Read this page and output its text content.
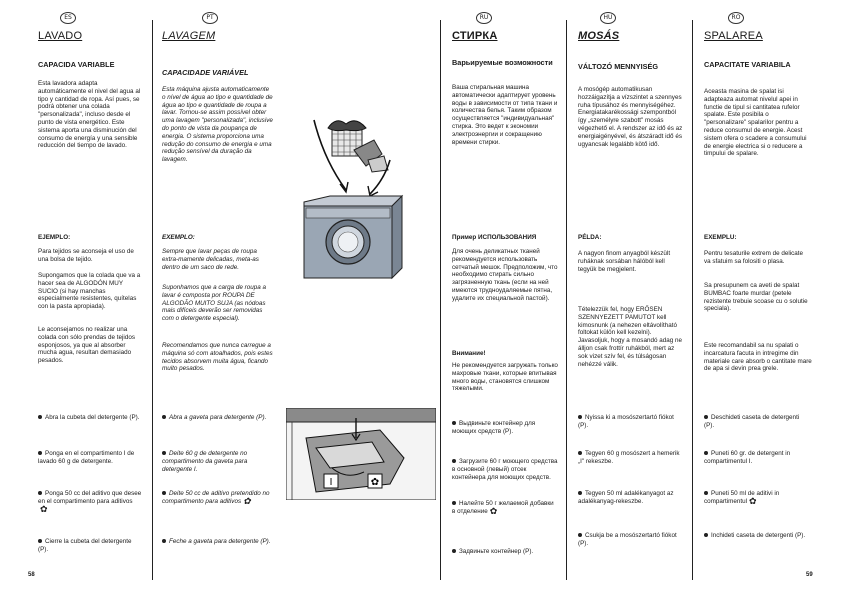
ES
LAVADO
CAPACIDA VARIABLE
Esta lavadora adapta automáticamente el nivel del agua al tipo y cantidad de ropa. Así pues, se podrá obtener una colada "personalizada", incluso desde el punto de vista energético. Este sistema aporta una disminución del consumo de energía y una sensible reducción del tiempo de lavado.
EJEMPLO:
Para tejidos se aconseja el uso de una bolsa de tejido.
Supongamos que la colada que va a hacer sea de ALGODÓN MUY SUCIO (si hay manchas especialmente resistentes, quítelas con la pasta apropiada).
Le aconsejamos no realizar una colada con sólo prendas de tejidos esponjosos, ya que al absorber mucha agua, resultan demasiado pesados.
Abra la cubeta del detergente (P).
Ponga en el compartimento I de lavado 60 g de detergente.
Ponga 50 cc del aditivo que desee en el compartimento para aditivos✿
Cierre la cubeta del detergente (P).
58
PT
LAVAGEM
CAPACIDADE VARIÁVEL
Esta máquina ajusta automaticamente o nível de água ao tipo e quantidade de água ao tipo e quantidade de roupa a lavar. Tornou-se assim possível obter uma lavagem "personalizada", inclusive do ponto de vista da poupança de energia. O sistema proporciona uma redução do consumo de energia e uma redução sensível da duração da lavagem.
EXEMPLO:
Sempre que lavar peças de roupa extra-mamente delicadas, meta-as dentro de um saco de rede.
Suponhamos que a carga de roupa a lavar é composta por ROUPA DE ALGODÃO MUITO SUJA (as nódoas mais difíceis deverão ser removidas com o detergente especial).
Recomendamos que nunca carregue a máquina só com atoalhados, pois estes tecidos absorvem muita água, ficando muito pesados.
Abra a gaveta para detergente (P).
Deite 60 g de detergente no compartimento da gaveta para detergente I.
Deite 50 cc de aditivo pretendido no compartimento para aditivos ✿
Feche a gaveta para detergente (P).
I	✿
RU
СТИРКА
Варьируемые возможности
Ваша стиральная машина автоматически адаптирует уровень воды в зависимости от типа ткани и количества белья. Таким образом осуществляется "индивидуальная" стирка. Это ведет к экономии электроэнергии и сокращению времени стирки.
Пример ИСПОЛЬЗОВАНИЯ
Для очень деликатных тканей рекомендуется использовать сетчатый мешок. Предположим, что необходимо стирать сильно загрязненную ткань (если на ней имеются трудноудаляемые пятна, удалите их специальной пастой).
Внимание!
Не рекомендуется загружать только махровые ткани, которые впитывая много воды, становятся слишком тяжелыми.
Выдвиньте контейнер для моющих средств (P).
Загрузите 60 г моющего средства в основной (левый) отсек контейнера для моющих средств.
Налейте 50 г желаемой добавки в отделение ✿
Задвиньте контейнер (P).
HU
MOSÁS
VÁLTOZÓ MENNYISÉG
A mosógép automatikusan hozzáigazítja a vízszintet a szennyes ruha típusához és mennyiségéhez. Energiatakarékossági szempontból így „személyre szabott" mosás végezhető el. A rendszer az idő és az energiaigényével, és átszáradt idő és ugyancsak legalább kötő idő.
PÉLDA:
A nagyon finom anyagból készült ruháknak sorsában hálóból kell tegyük be megjelent.
Tételezzük fel, hogy ERŐSEN SZENNYEZETT PAMUTOT kell kimosnunk (a nehezen eltávolítható foltokat külön kell kezelni). Javasoljuk, hogy a mosandó adag ne álljon csak frottír ruhákból, mert az sok vizet szív fel, és túlságosan nehézzé válik.
Nyissa ki a mosószertartó fiókot (P).
Tegyen 60 g mosószert a hemerik „I" rekeszbe.
Tegyen 50 ml adalékanyagot az adalékanyag-rekeszbe.
Csukja be a mosószertartó fiókot (P).
RO
SPALAREA
CAPACITATE VARIABILA
Aceasta masina de spalat isi adapteaza automat nivelul apei in functie de tipul si cantitatea rufelor spalate. Este posibila o "personalizare" spalarilor pentru a reduce consumul de energie. Acest sistem ofera o scadere a consumului de energie electrica si o reducere a timpului de spalare.
EXEMPLU:
Pentru tesaturile extrem de delicate va sfatuim sa folositi o plasa.
Sa presupunem ca aveti de spalat BUMBAC foarte murdar (petele rezistente trebuie scoase cu o solutie speciala).
Este recomandabil sa nu spalati o incarcatura facuta in intregime din materiale care absorb o cantitate mare de apa si devin prea grele.
Deschideti caseta de detergenti (P).
Puneti 60 gr. de detergent in compartimentul I.
Puneti 50 ml de aditivi in compartimentul ✿
Inchideti caseta de detergenti (P).
59
